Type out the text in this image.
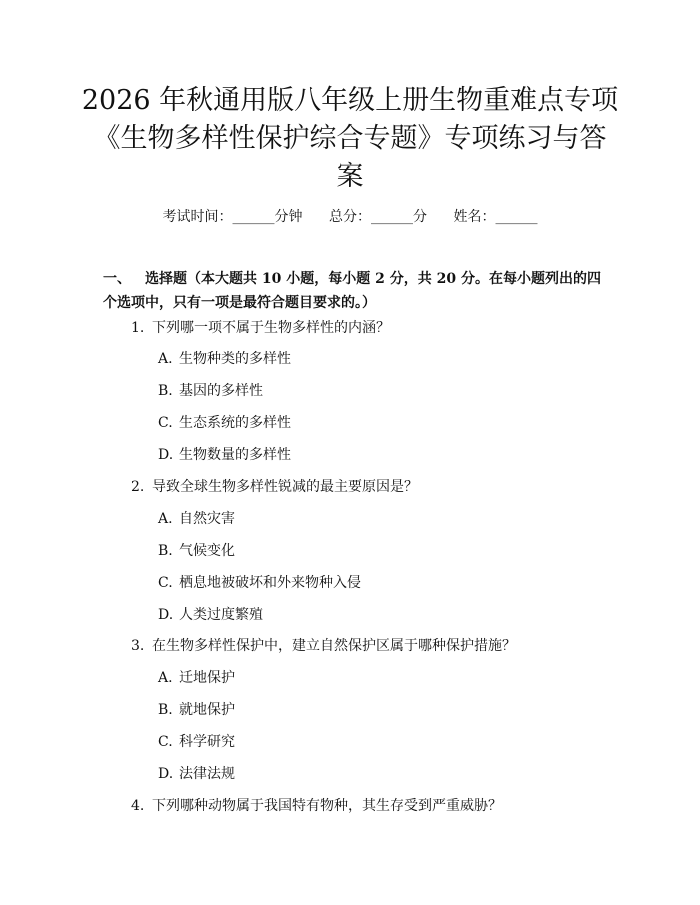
2026 年秋通用版八年级上册生物重难点专项
《生物多样性保护综合专题》专项练习与答
案
考试时间：______分钟 总分：______分 姓名：______
一、 选择题（本大题共 10 小题，每小题 2 分，共 20 分。在每小题列出的四个选项中，只有一项是最符合题目要求的。）
1. 下列哪一项不属于生物多样性的内涵？
A. 生物种类的多样性
B. 基因的多样性
C. 生态系统的多样性
D. 生物数量的多样性
2. 导致全球生物多样性锐减的最主要原因是？
A. 自然灾害
B. 气候变化
C. 栖息地被破坏和外来物种入侵
D. 人类过度繁殖
3. 在生物多样性保护中，建立自然保护区属于哪种保护措施？
A. 迁地保护
B. 就地保护
C. 科学研究
D. 法律法规
4. 下列哪种动物属于我国特有物种，其生存受到严重威胁？
